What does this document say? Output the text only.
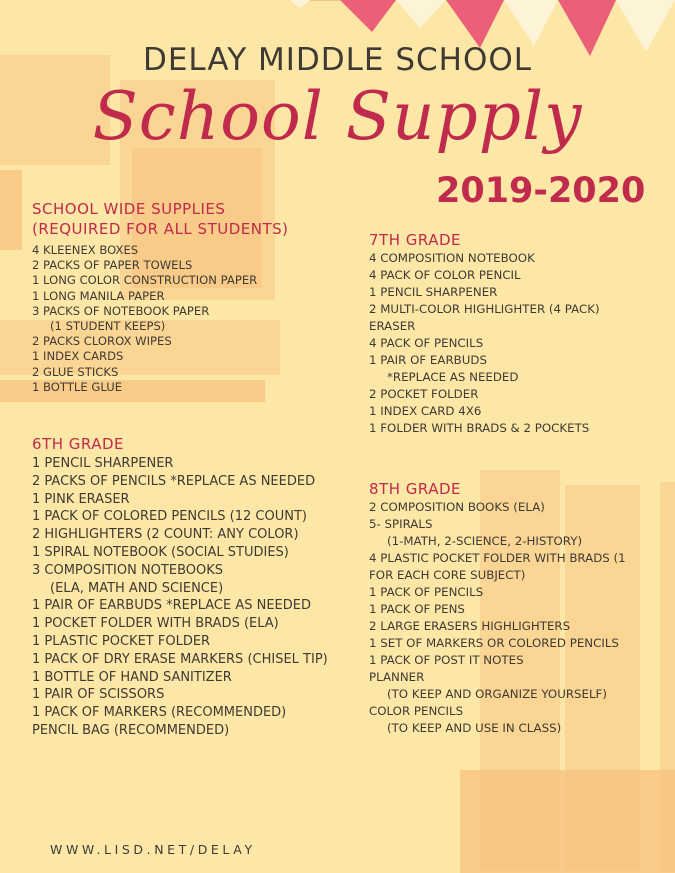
DELAY MIDDLE SCHOOL
School Supply
2019-2020
SCHOOL WIDE SUPPLIES
(REQUIRED FOR ALL STUDENTS)
4 KLEENEX BOXES
2 PACKS OF PAPER TOWELS
1 LONG COLOR CONSTRUCTION PAPER
1 LONG MANILA PAPER
3 PACKS OF NOTEBOOK PAPER
(1 STUDENT KEEPS)
2 PACKS CLOROX WIPES
1 INDEX CARDS
2 GLUE STICKS
1 BOTTLE GLUE
6TH GRADE
1 PENCIL SHARPENER
2 PACKS OF PENCILS *REPLACE AS NEEDED
1 PINK ERASER
1 PACK OF COLORED PENCILS (12 COUNT)
2 HIGHLIGHTERS (2 COUNT: ANY COLOR)
1 SPIRAL NOTEBOOK (SOCIAL STUDIES)
3 COMPOSITION NOTEBOOKS
(ELA, MATH AND SCIENCE)
1 PAIR OF EARBUDS *REPLACE AS NEEDED
1 POCKET FOLDER WITH BRADS (ELA)
1 PLASTIC POCKET FOLDER
1 PACK OF DRY ERASE MARKERS (CHISEL TIP)
1 BOTTLE OF HAND SANITIZER
1 PAIR OF SCISSORS
1 PACK OF MARKERS (RECOMMENDED)
PENCIL BAG (RECOMMENDED)
7TH GRADE
4 COMPOSITION NOTEBOOK
4 PACK OF COLOR PENCIL
1 PENCIL SHARPENER
2 MULTI-COLOR HIGHLIGHTER (4 PACK)
ERASER
4 PACK OF PENCILS
1 PAIR OF EARBUDS
*REPLACE AS NEEDED
2 POCKET FOLDER
1 INDEX CARD 4X6
1 FOLDER WITH BRADS & 2 POCKETS
8TH GRADE
2 COMPOSITION BOOKS (ELA)
5- SPIRALS
(1-MATH, 2-SCIENCE, 2-HISTORY)
4 PLASTIC POCKET FOLDER WITH BRADS (1
FOR EACH CORE SUBJECT)
1 PACK OF PENCILS
1 PACK OF PENS
2 LARGE ERASERS HIGHLIGHTERS
1 SET OF MARKERS OR COLORED PENCILS
1 PACK OF POST IT NOTES
PLANNER
(TO KEEP AND ORGANIZE YOURSELF)
COLOR PENCILS
(TO KEEP AND USE IN CLASS)
WWW.LISD.NET/DELAY
